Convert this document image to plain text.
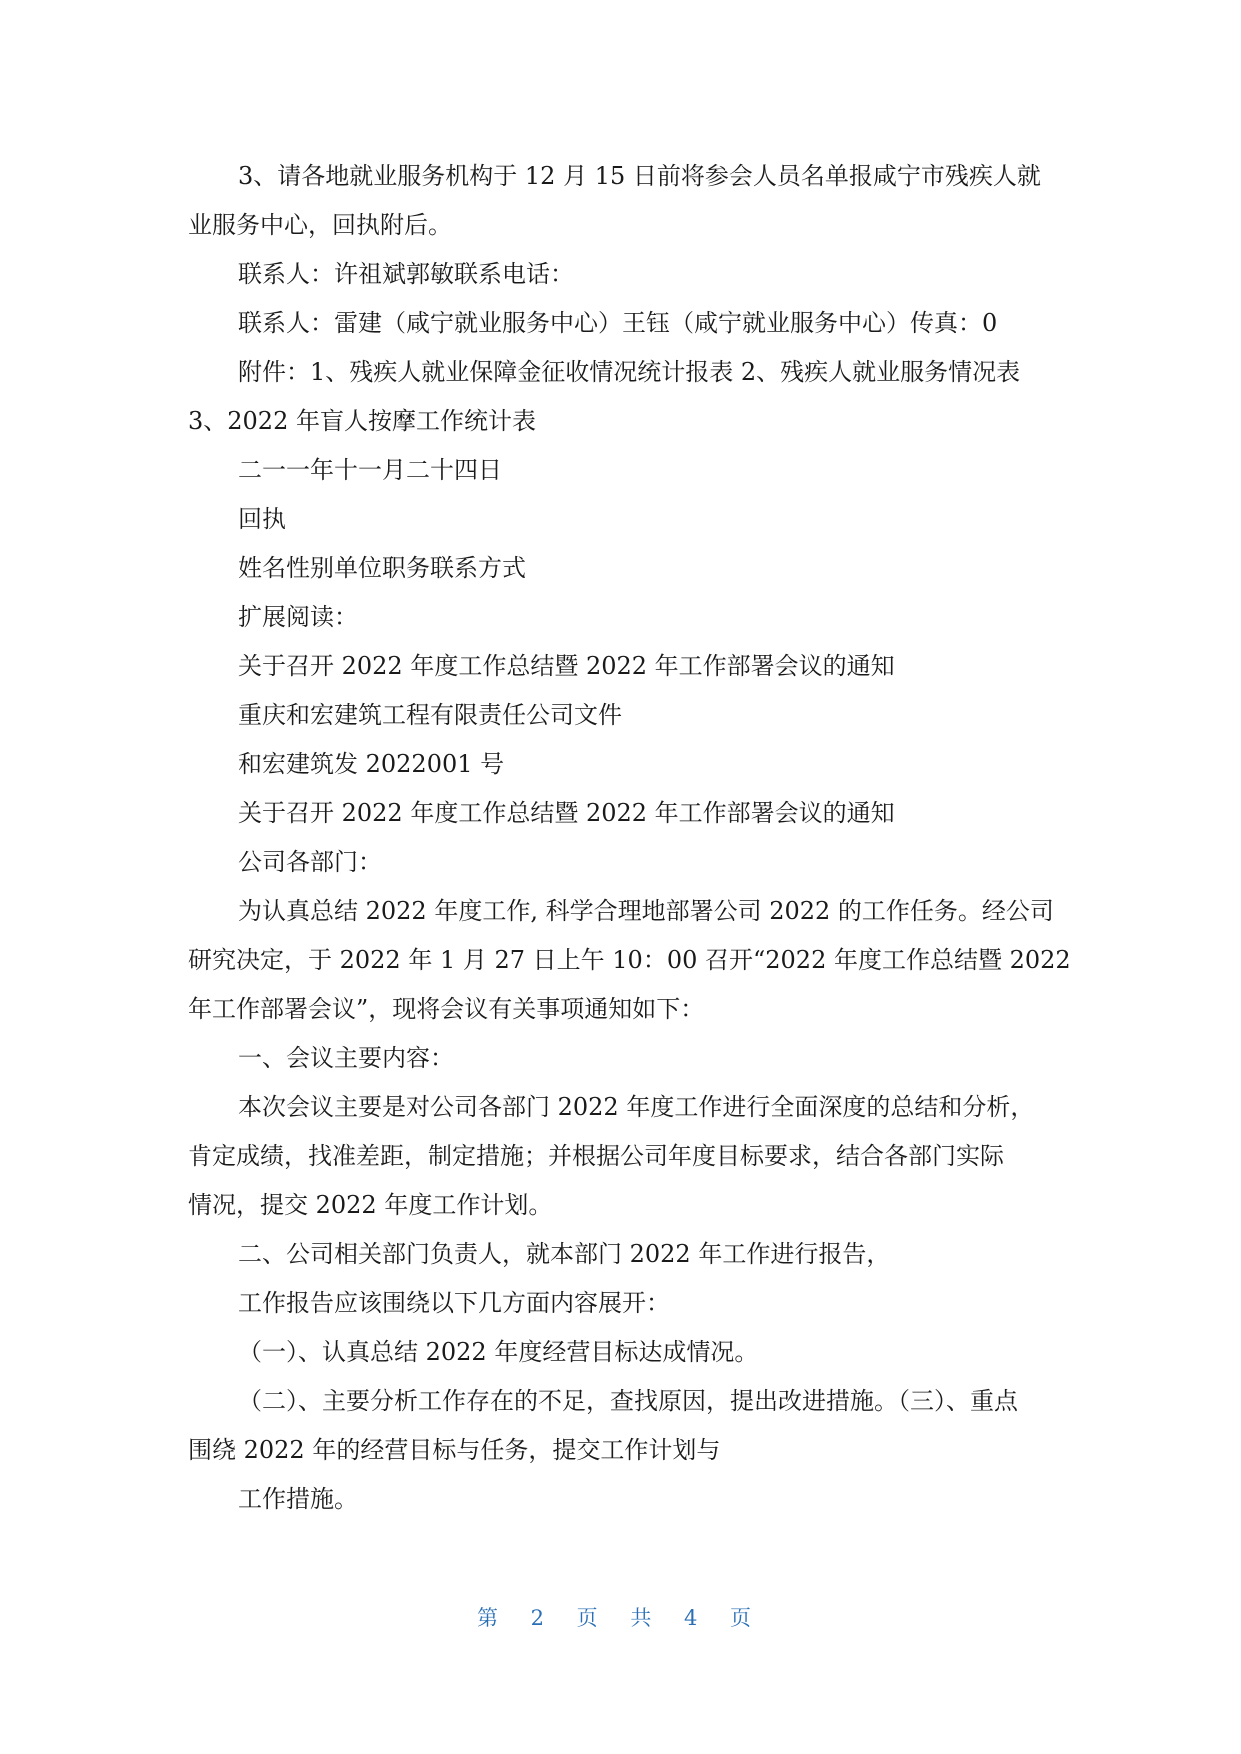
3、请各地就业服务机构于 12 月 15 日前将参会人员名单报咸宁市残疾人就

业服务中心，回执附后。

联系人：许祖斌郭敏联系电话：

联系人：雷建（咸宁就业服务中心）王钰（咸宁就业服务中心）传真：0

附件：1、残疾人就业保障金征收情况统计报表 2、残疾人就业服务情况表

3、2022 年盲人按摩工作统计表

二一一年十一月二十四日

回执

姓名性别单位职务联系方式

扩展阅读：

关于召开 2022 年度工作总结暨 2022 年工作部署会议的通知

重庆和宏建筑工程有限责任公司文件

和宏建筑发 2022001 号

关于召开 2022 年度工作总结暨 2022 年工作部署会议的通知

公司各部门：

为认真总结 2022 年度工作, 科学合理地部署公司 2022 的工作任务。经公司

研究决定，于 2022 年 1 月 27 日上午 10：00 召开“2022 年度工作总结暨 2022

年工作部署会议”，现将会议有关事项通知如下：

一、会议主要内容：

本次会议主要是对公司各部门 2022 年度工作进行全面深度的总结和分析，

肯定成绩，找准差距，制定措施；并根据公司年度目标要求，结合各部门实际

情况，提交 2022 年度工作计划。

二、公司相关部门负责人，就本部门 2022 年工作进行报告，

工作报告应该围绕以下几方面内容展开：

（一）、认真总结 2022 年度经营目标达成情况。

（二）、主要分析工作存在的不足，查找原因，提出改进措施。（三）、重点

围绕 2022 年的经营目标与任务，提交工作计划与

工作措施。

第 2 页 共 4 页
